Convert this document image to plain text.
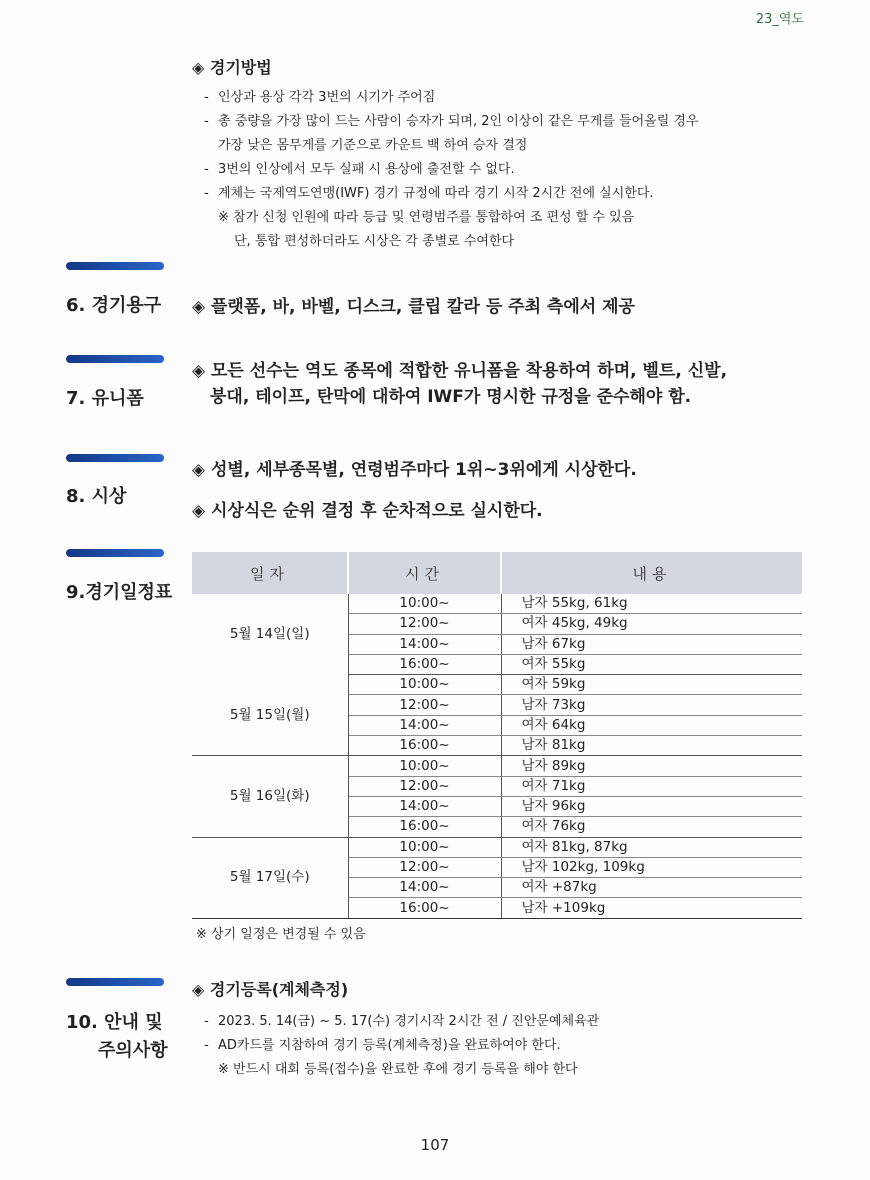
23_역도
◈ 경기방법
- 인상과 용상 각각 3번의 시기가 주어짐
- 총 중량을 가장 많이 드는 사람이 승자가 되며, 2인 이상이 같은 무게를 들어올릴 경우
가장 낮은 몸무게를 기준으로 카운트 백 하여 승자 결정
- 3번의 인상에서 모두 실패 시 용상에 출전할 수 없다.
- 계체는 국제역도연맹(IWF) 경기 규정에 따라 경기 시작 2시간 전에 실시한다.
※ 참가 신청 인원에 따라 등급 및 연령범주를 통합하여 조 편성 할 수 있음
단, 통합 편성하더라도 시상은 각 종별로 수여한다
6. 경기용구 ◈ 플랫폼, 바, 바벨, 디스크, 클립 칼라 등 주최 측에서 제공
7. 유니폼
◈ 모든 선수는 역도 종목에 적합한 유니폼을 착용하여 하며, 벨트, 신발,
붕대, 테이프, 탄막에 대하여 IWF가 명시한 규정을 준수해야 함.
8. 시상
◈ 성별, 세부종목별, 연령범주마다 1위~3위에게 시상한다.
◈ 시상식은 순위 결정 후 순차적으로 실시한다.
9.경기일정표
일자	시간	내용
5월 14일(일)	10:00~	남자 55kg, 61kg
	12:00~	여자 45kg, 49kg
	14:00~	남자 67kg
	16:00~	여자 55kg
5월 15일(월)	10:00~	여자 59kg
	12:00~	남자 73kg
	14:00~	여자 64kg
	16:00~	남자 81kg
5월 16일(화)	10:00~	남자 89kg
	12:00~	여자 71kg
	14:00~	남자 96kg
	16:00~	여자 76kg
5월 17일(수)	10:00~	여자 81kg, 87kg
	12:00~	남자 102kg, 109kg
	14:00~	여자 +87kg
	16:00~	남자 +109kg
※ 상기 일정은 변경될 수 있음
10. 안내 및
주의사항
◈ 경기등록(계체측정)
- 2023. 5. 14(금) ~ 5. 17(수) 경기시작 2시간 전 / 진안문예체육관
- AD카드를 지참하여 경기 등록(계체측정)을 완료하여야 한다.
※ 반드시 대회 등록(접수)을 완료한 후에 경기 등록을 해야 한다
107
